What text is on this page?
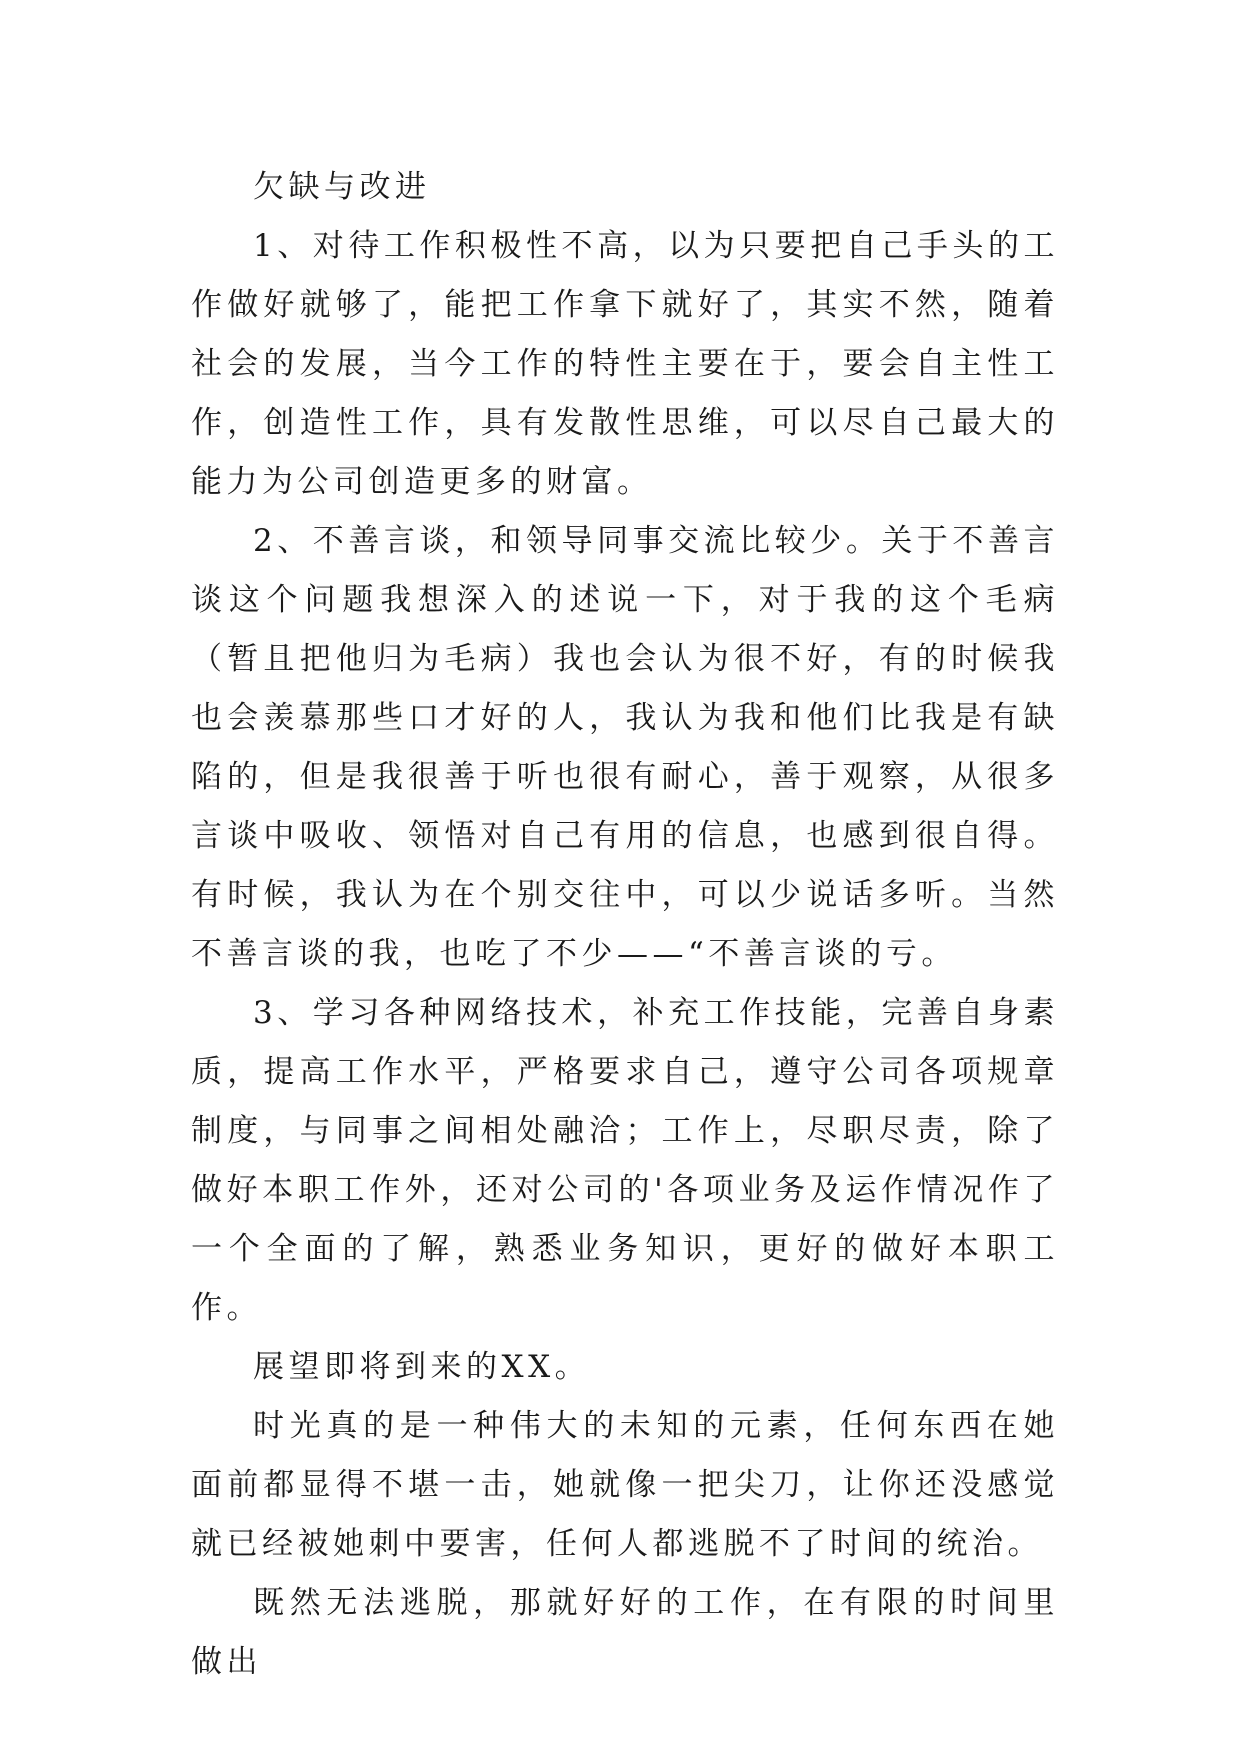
欠缺与改进

1、对待工作积极性不高，以为只要把自己手头的工作做好就够了，能把工作拿下就好了，其实不然，随着社会的发展，当今工作的特性主要在于，要会自主性工作，创造性工作，具有发散性思维，可以尽自己最大的能力为公司创造更多的财富。

2、不善言谈，和领导同事交流比较少。关于不善言谈这个问题我想深入的述说一下，对于我的这个毛病（暂且把他归为毛病）我也会认为很不好，有的时候我也会羡慕那些口才好的人，我认为我和他们比我是有缺陷的，但是我很善于听也很有耐心，善于观察，从很多言谈中吸收、领悟对自己有用的信息，也感到很自得。有时候，我认为在个别交往中，可以少说话多听。当然不善言谈的我，也吃了不少——“不善言谈的亏。

3、学习各种网络技术，补充工作技能，完善自身素质，提高工作水平，严格要求自己，遵守公司各项规章制度，与同事之间相处融洽；工作上，尽职尽责，除了做好本职工作外，还对公司的'各项业务及运作情况作了一个全面的了解，熟悉业务知识，更好的做好本职工作。

展望即将到来的XX。

时光真的是一种伟大的未知的元素，任何东西在她面前都显得不堪一击，她就像一把尖刀，让你还没感觉就已经被她刺中要害，任何人都逃脱不了时间的统治。

既然无法逃脱，那就好好的工作，在有限的时间里做出
